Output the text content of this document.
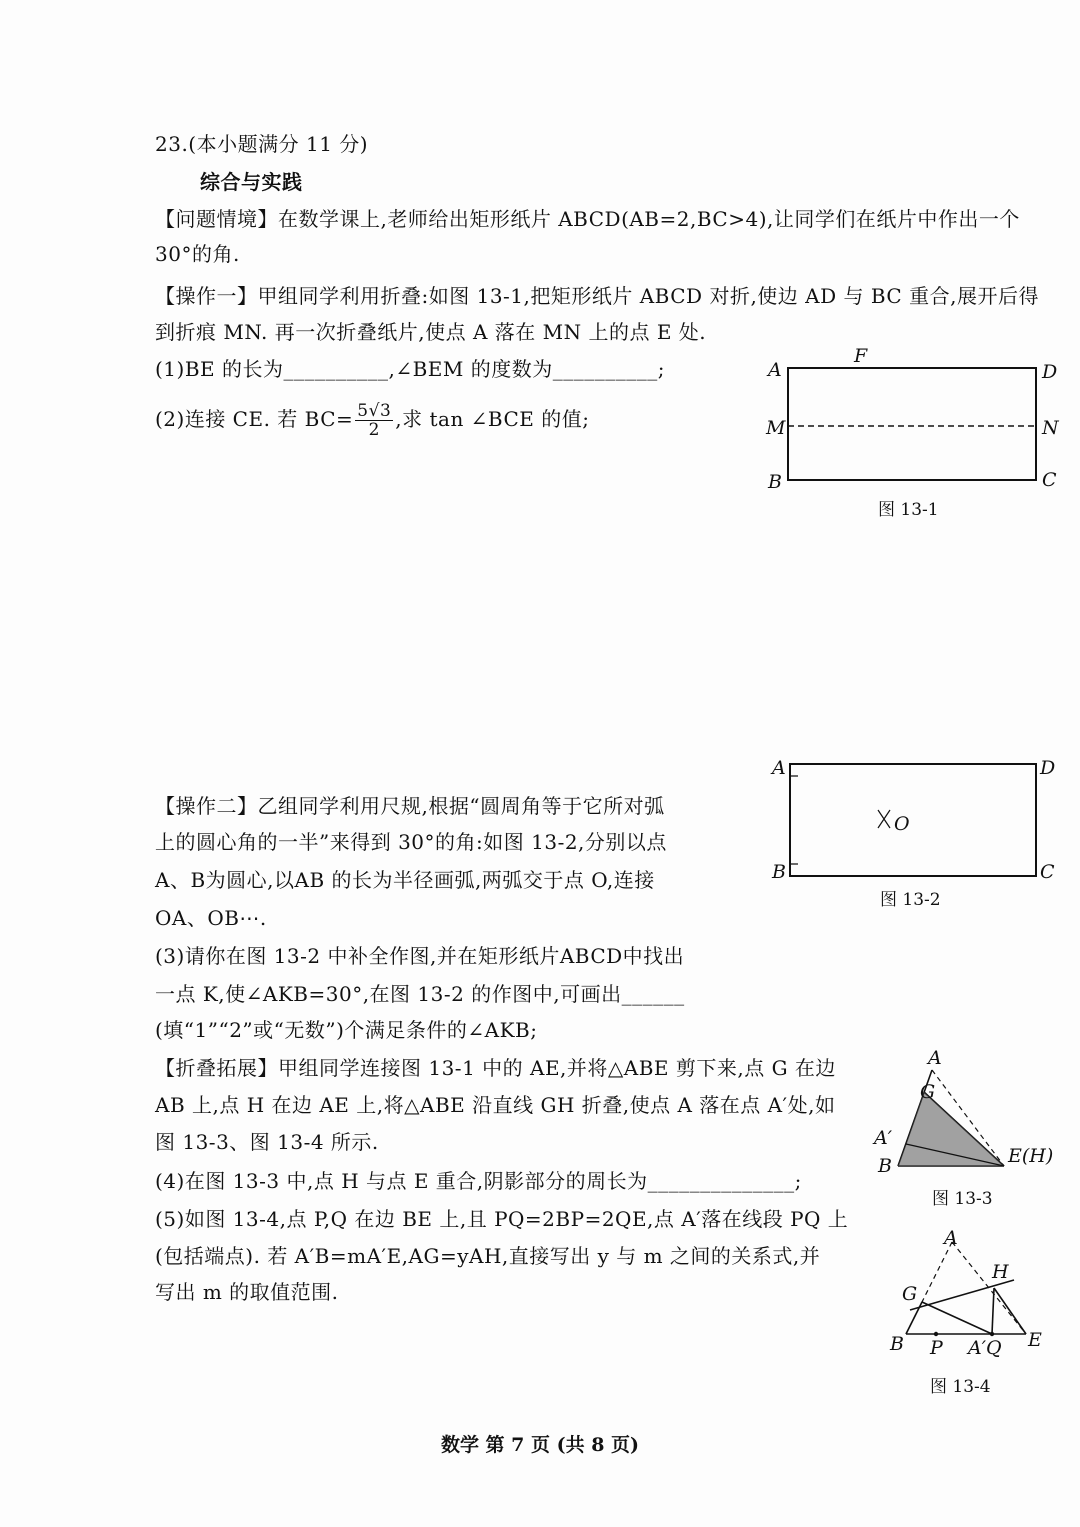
23.(本小题满分 11 分)
综合与实践
【问题情境】在数学课上,老师给出矩形纸片 ABCD(AB=2,BC>4),让同学们在纸片中作出一个
30°的角.
【操作一】甲组同学利用折叠:如图 13-1,把矩形纸片 ABCD 对折,使边 AD 与 BC 重合,展开后得
到折痕 MN. 再一次折叠纸片,使点 A 落在 MN 上的点 E 处.
(1)BE 的长为__________,∠BEM 的度数为__________;
(2)连接 CE. 若 $BC= \frac{5√3}{2}$ ,求 tan ∠BCE 的值;
A	D
M	N
B	C
F
图 13-1
A	D
B	C
O
图 13-2
【操作二】乙组同学利用尺规,根据“圆周角等于它所对弧
上的圆心角的一半”来得到 30°的角:如图 13-2,分别以点
A、B为圆心,以AB 的长为半径画弧,两弧交于点 O,连接
OA、OB⋯.
(3)请你在图 13-2 中补全作图,并在矩形纸片ABCD中找出
一点 K,使∠AKB=30°,在图 13-2 的作图中,可画出______
(填“1”“2”或“无数”)个满足条件的∠AKB;
【折叠拓展】甲组同学连接图 13-1 中的 AE,并将△ABE 剪下来,点 G 在边
AB 上,点 H 在边 AE 上,将△ABE 沿直线 GH 折叠,使点 A 落在点 A′处,如
图 13-3、图 13-4 所示.
(4)在图 13-3 中,点 H 与点 E 重合,阴影部分的周长为______________;
(5)如图 13-4,点 P,Q 在边 BE 上,且 PQ=2BP=2QE,点 A′落在线段 PQ 上
(包括端点). 若 A′B=mA′E,AG=yAH,直接写出 y 与 m 之间的关系式,并
写出 m 的取值范围.
A
G
A′
B	E(H)
图 13-3
A
H
G
B P A′Q E
图 13-4
数学 第 7 页 (共 8 页)
